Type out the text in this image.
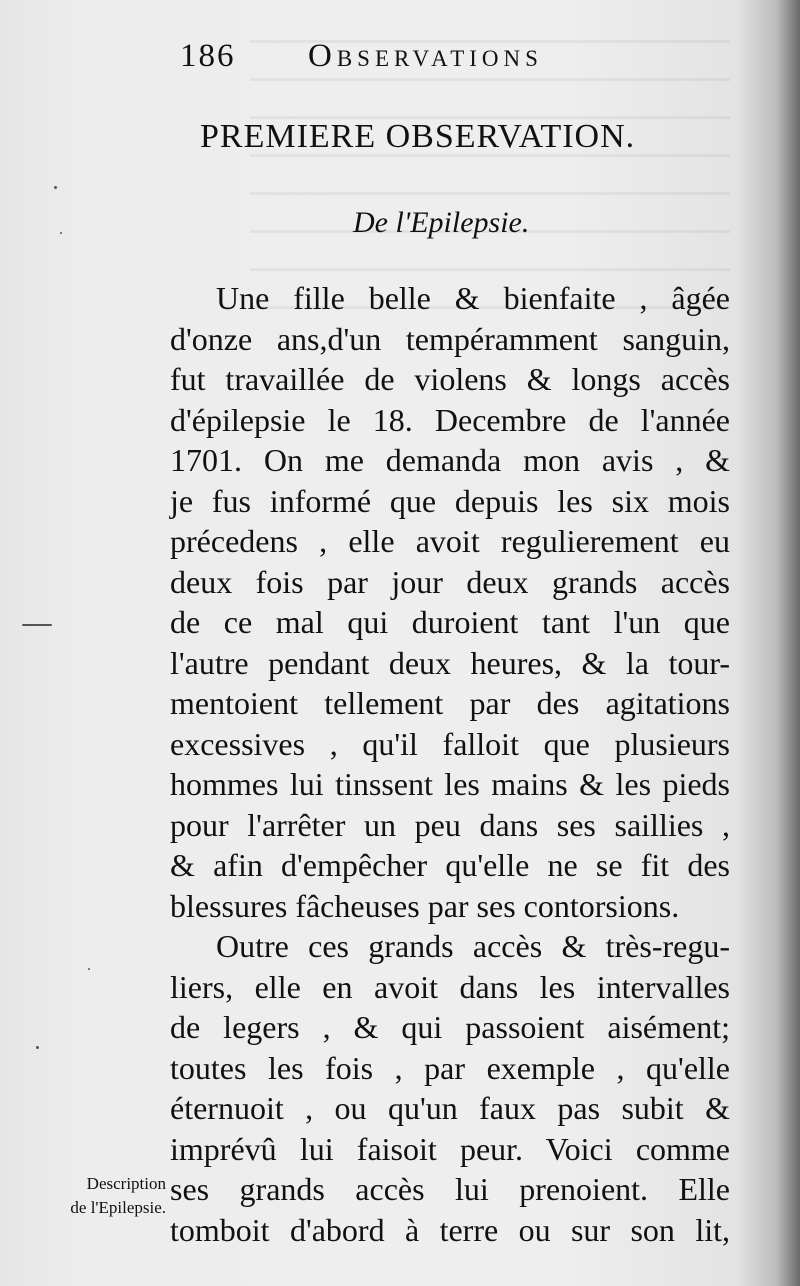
186 Observations
PREMIERE OBSERVATION.
De l'Epilepsie.
Une fille belle & bienfaite , âgée
d'onze ans,d'un tempéramment sanguin,
fut travaillée de violens & longs accès
d'épilepsie le 18. Decembre de l'année
1701. On me demanda mon avis , &
je fus informé que depuis les six mois
précedens , elle avoit regulierement eu
deux fois par jour deux grands accès
de ce mal qui duroient tant l'un que
l'autre pendant deux heures, & la tour-
mentoient tellement par des agitations
excessives , qu'il falloit que plusieurs
hommes lui tinssent les mains & les pieds
pour l'arrêter un peu dans ses saillies ,
& afin d'empêcher qu'elle ne se fit des
blessures fâcheuses par ses contorsions.
Outre ces grands accès & très-regu-
liers, elle en avoit dans les intervalles
de legers , & qui passoient aisément;
toutes les fois , par exemple , qu'elle
éternuoit , ou qu'un faux pas subit &
imprévû lui faisoit peur. Voici comme
ses grands accès lui prenoient. Elle
tomboit d'abord à terre ou sur son lit,
Description
de l'Epilepsie.
